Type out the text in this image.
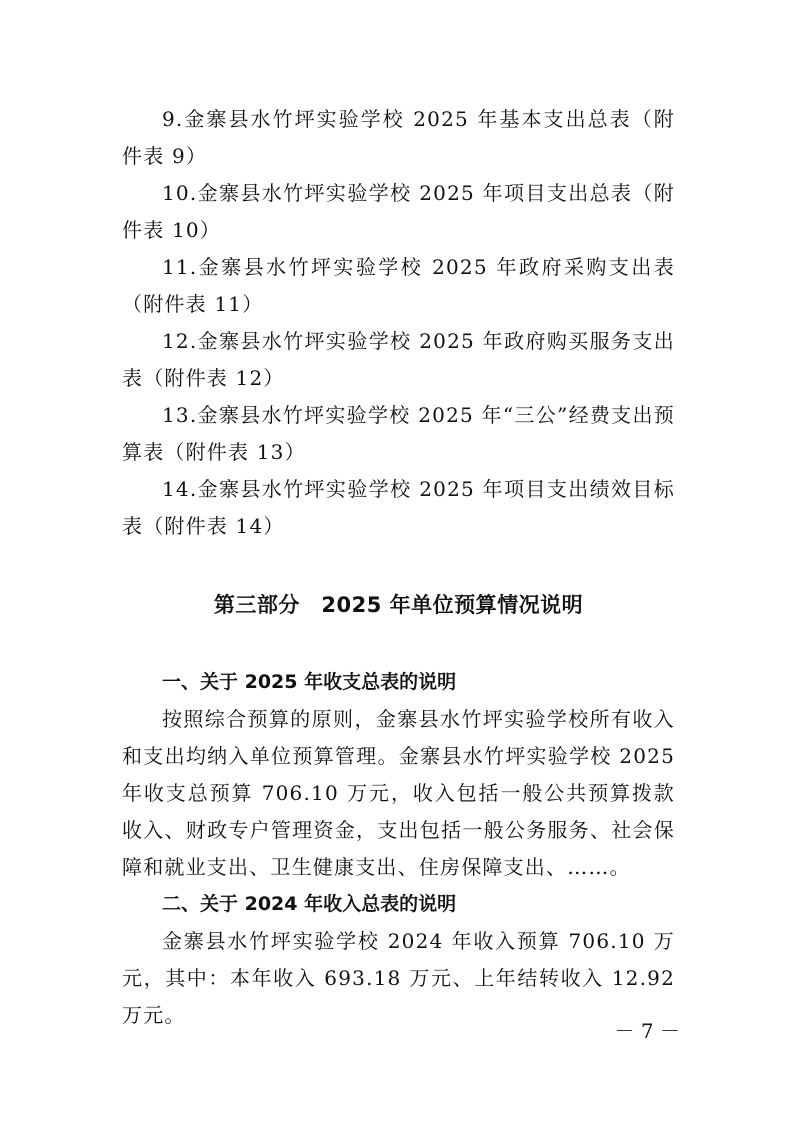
9.金寨县水竹坪实验学校 2025 年基本支出总表（附件表 9）

10.金寨县水竹坪实验学校 2025 年项目支出总表（附件表 10）

11.金寨县水竹坪实验学校 2025 年政府采购支出表（附件表 11）

12.金寨县水竹坪实验学校 2025 年政府购买服务支出表（附件表 12）

13.金寨县水竹坪实验学校 2025 年“三公”经费支出预算表（附件表 13）

14.金寨县水竹坪实验学校 2025 年项目支出绩效目标表（附件表 14）

第三部分　2025 年单位预算情况说明
一、关于 2025 年收支总表的说明

按照综合预算的原则，金寨县水竹坪实验学校所有收入和支出均纳入单位预算管理。金寨县水竹坪实验学校 2025 年收支总预算 706.10 万元，收入包括一般公共预算拨款收入、财政专户管理资金，支出包括一般公务服务、社会保障和就业支出、卫生健康支出、住房保障支出、……。

二、关于 2024 年收入总表的说明

金寨县水竹坪实验学校 2024 年收入预算 706.10 万元，其中：本年收入 693.18 万元、上年结转收入 12.92 万元。

－ 7 －
